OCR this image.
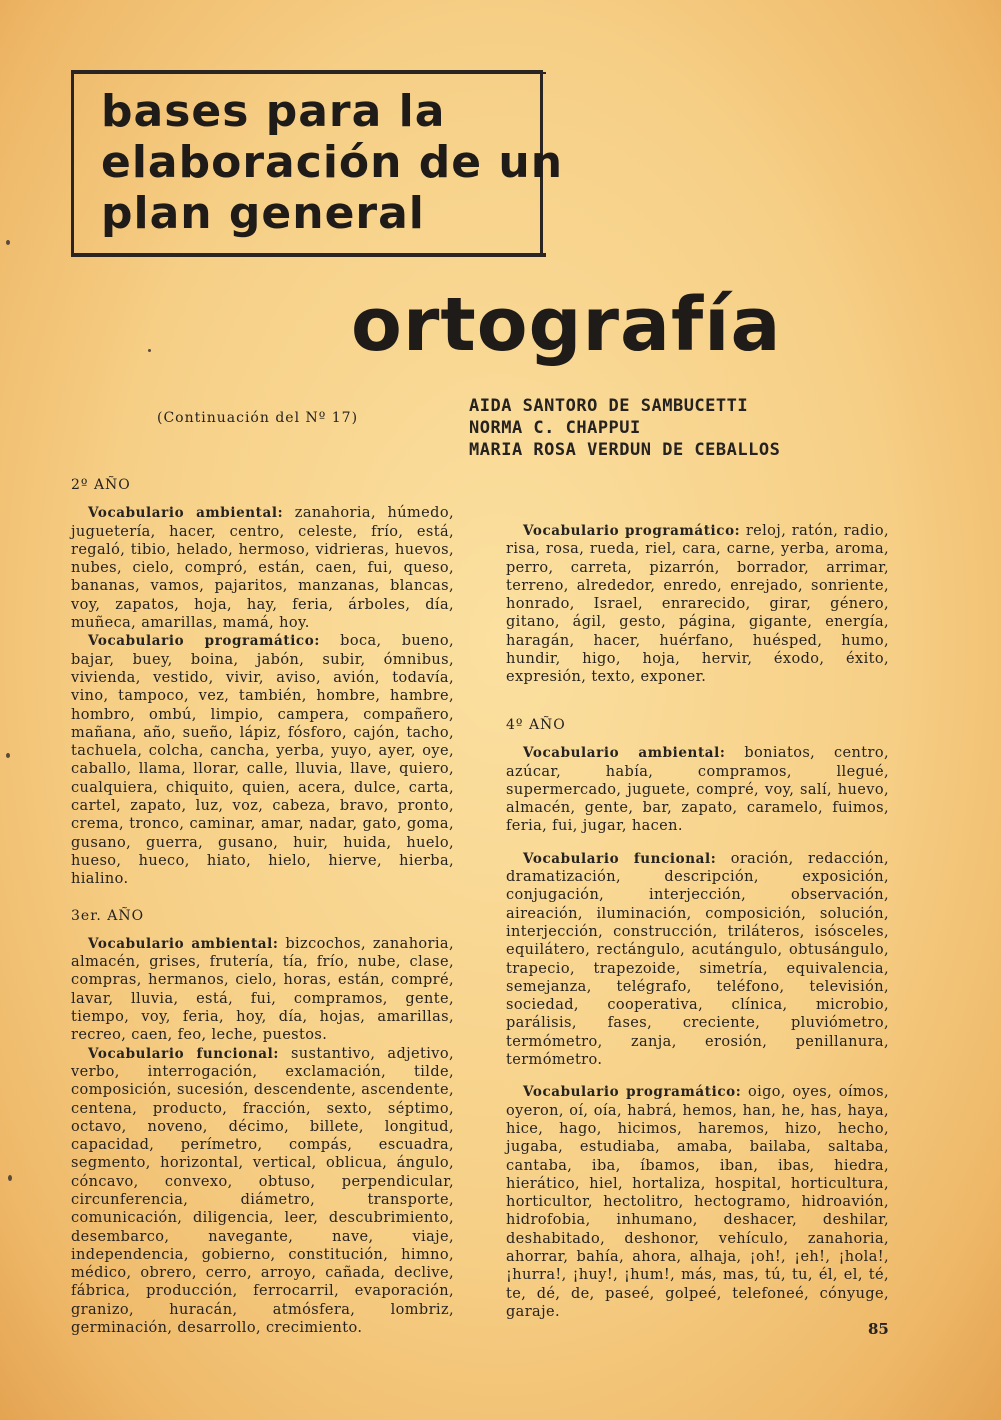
bases para la
elaboración de un
plan general
ortografía
(Continuación del Nº 17)
AIDA SANTORO DE SAMBUCETTI
NORMA C. CHAPPUI
MARIA ROSA VERDUN DE CEBALLOS
2º AÑO

Vocabulario ambiental: zanahoria, húmedo, juguetería, hacer, centro, celeste, frío, está, regaló, tibio, helado, hermoso, vidrieras, huevos, nubes, cielo, compró, están, caen, fui, queso, bananas, vamos, pajaritos, manzanas, blancas, voy, zapatos, hoja, hay, feria, árboles, día, muñeca, amarillas, mamá, hoy.

Vocabulario programático: boca, bueno, bajar, buey, boina, jabón, subir, ómnibus, vivienda, vestido, vivir, aviso, avión, todavía, vino, tampoco, vez, también, hombre, hambre, hombro, ombú, limpio, campera, compañero, mañana, año, sueño, lápiz, fósforo, cajón, tacho, tachuela, colcha, cancha, yerba, yuyo, ayer, oye, caballo, llama, llorar, calle, lluvia, llave, quiero, cualquiera, chiquito, quien, acera, dulce, carta, cartel, zapato, luz, voz, cabeza, bravo, pronto, crema, tronco, caminar, amar, nadar, gato, goma, gusano, guerra, gusano, huir, huida, huelo, hueso, hueco, hiato, hielo, hierve, hierba, hialino.

3er. AÑO

Vocabulario ambiental: bizcochos, zanahoria, almacén, grises, frutería, tía, frío, nube, clase, compras, hermanos, cielo, horas, están, compré, lavar, lluvia, está, fui, compramos, gente, tiempo, voy, feria, hoy, día, hojas, amarillas, recreo, caen, feo, leche, puestos.

Vocabulario funcional: sustantivo, adjetivo, verbo, interrogación, exclamación, tilde, composición, sucesión, descendente, ascendente, centena, producto, fracción, sexto, séptimo, octavo, noveno, décimo, billete, longitud, capacidad, perímetro, compás, escuadra, segmento, horizontal, vertical, oblicua, ángulo, cóncavo, convexo, obtuso, perpendicular, circunferencia, diámetro, transporte, comunicación, diligencia, leer, descubrimiento, desembarco, navegante, nave, viaje, independencia, gobierno, constitución, himno, médico, obrero, cerro, arroyo, cañada, declive, fábrica, producción, ferrocarril, evaporación, granizo, huracán, atmósfera, lombriz, germinación, desarrollo, crecimiento.

Vocabulario programático: reloj, ratón, radio, risa, rosa, rueda, riel, cara, carne, yerba, aroma, perro, carreta, pizarrón, borrador, arrimar, terreno, alrededor, enredo, enrejado, sonriente, honrado, Israel, enrarecido, girar, género, gitano, ágil, gesto, página, gigante, energía, haragán, hacer, huérfano, huésped, humo, hundir, higo, hoja, hervir, éxodo, éxito, expresión, texto, exponer.

4º AÑO

Vocabulario ambiental: boniatos, centro, azúcar, había, compramos, llegué, supermercado, juguete, compré, voy, salí, huevo, almacén, gente, bar, zapato, caramelo, fuimos, feria, fui, jugar, hacen.

Vocabulario funcional: oración, redacción, dramatización, descripción, exposición, conjugación, interjección, observación, aireación, iluminación, composición, solución, interjección, construcción, triláteros, isósceles, equilátero, rectángulo, acutángulo, obtusángulo, trapecio, trapezoide, simetría, equivalencia, semejanza, telégrafo, teléfono, televisión, sociedad, cooperativa, clínica, microbio, parálisis, fases, creciente, pluviómetro, termómetro, zanja, erosión, penillanura, termómetro.

Vocabulario programático: oigo, oyes, oímos, oyeron, oí, oía, habrá, hemos, han, he, has, haya, hice, hago, hicimos, haremos, hizo, hecho, jugaba, estudiaba, amaba, bailaba, saltaba, cantaba, iba, íbamos, iban, ibas, hiedra, hierático, hiel, hortaliza, hospital, horticultura, horticultor, hectolitro, hectogramo, hidroavión, hidrofobia, inhumano, deshacer, deshilar, deshabitado, deshonor, vehículo, zanahoria, ahorrar, bahía, ahora, alhaja, ¡oh!, ¡eh!, ¡hola!, ¡hurra!, ¡huy!, ¡hum!, más, mas, tú, tu, él, el, té, te, dé, de, paseé, golpeé, telefoneé, cónyuge, garaje.

85
